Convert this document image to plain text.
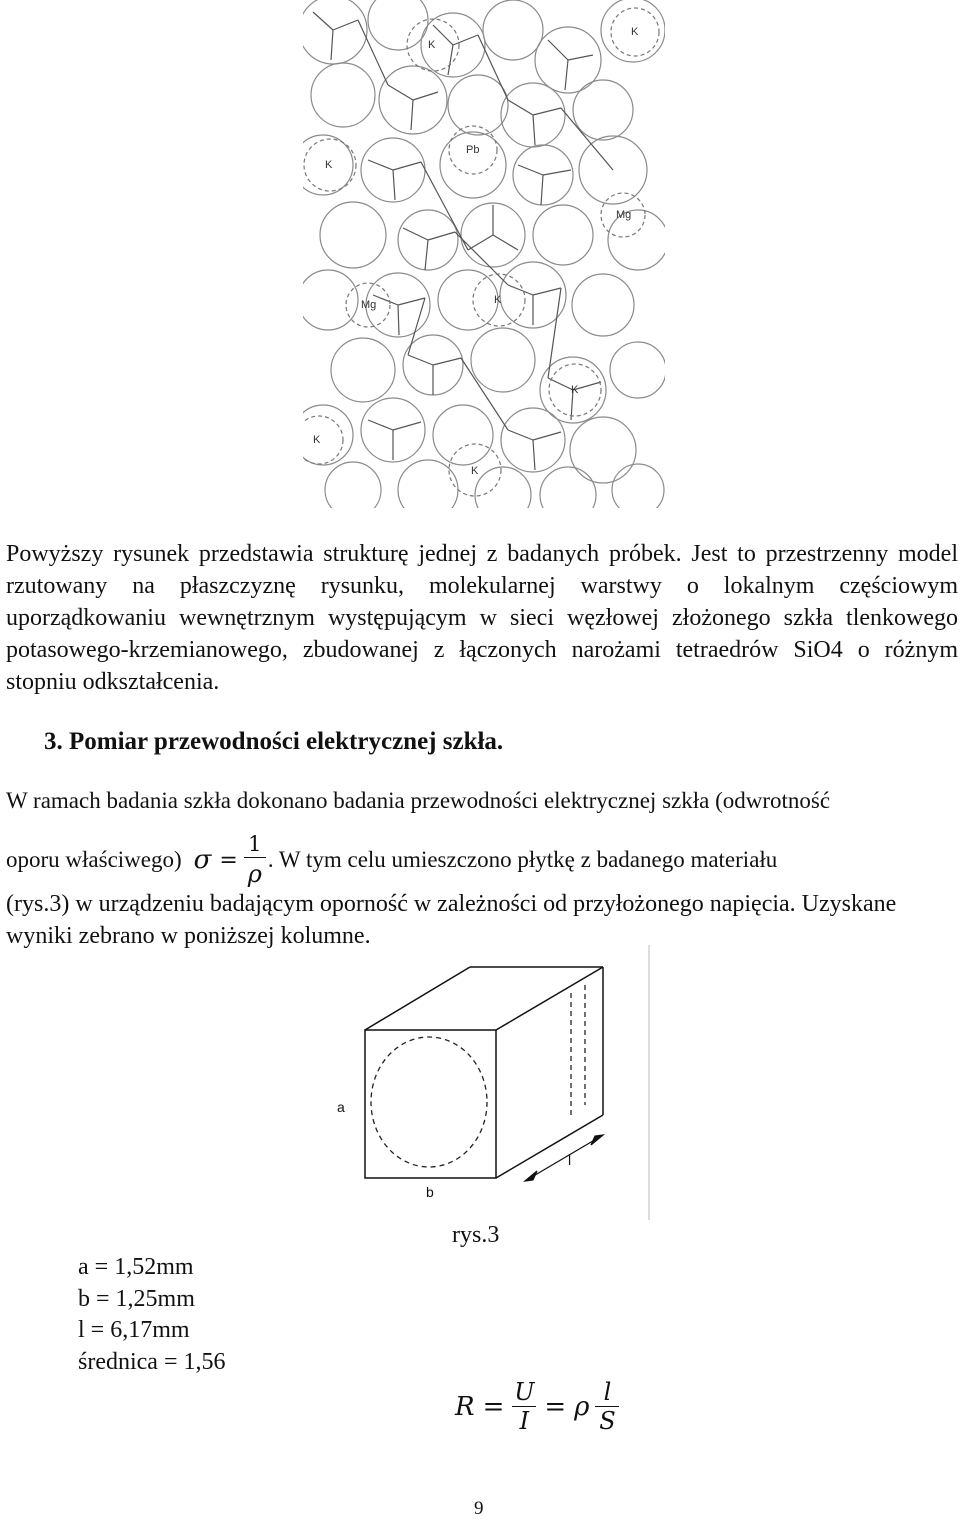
K
K
K
Pb
Mg
Mg	K
K
K
K

Powyższy rysunek przedstawia strukturę jednej z badanych próbek. Jest to przestrzenny model rzutowany na płaszczyznę rysunku, molekularnej warstwy o lokalnym częściowym uporządkowaniu wewnętrznym występującym w sieci węzłowej złożonego szkła tlenkowego potasowego-krzemianowego, zbudowanej z łączonych narożami tetraedrów SiO4 o różnym stopniu odkształcenia.

3. Pomiar przewodności elektrycznej szkła.

W ramach badania szkła dokonano badania przewodności elektrycznej szkła (odwrotność

oporu właściwego) $\sigma = \frac{1}{\rho}$ . W tym celu umieszczono płytkę z badanego materiału

(rys.3) w urządzeniu badającym oporność w zależności od przyłożonego napięcia. Uzyskane wyniki zebrano w poniższej kolumne.

a
b
l

rys.3

a = 1,52mm
b = 1,25mm
l = 6,17mm
średnica = 1,56
$R = \frac{U}{I} = \rho \frac{l}{S}$

9
